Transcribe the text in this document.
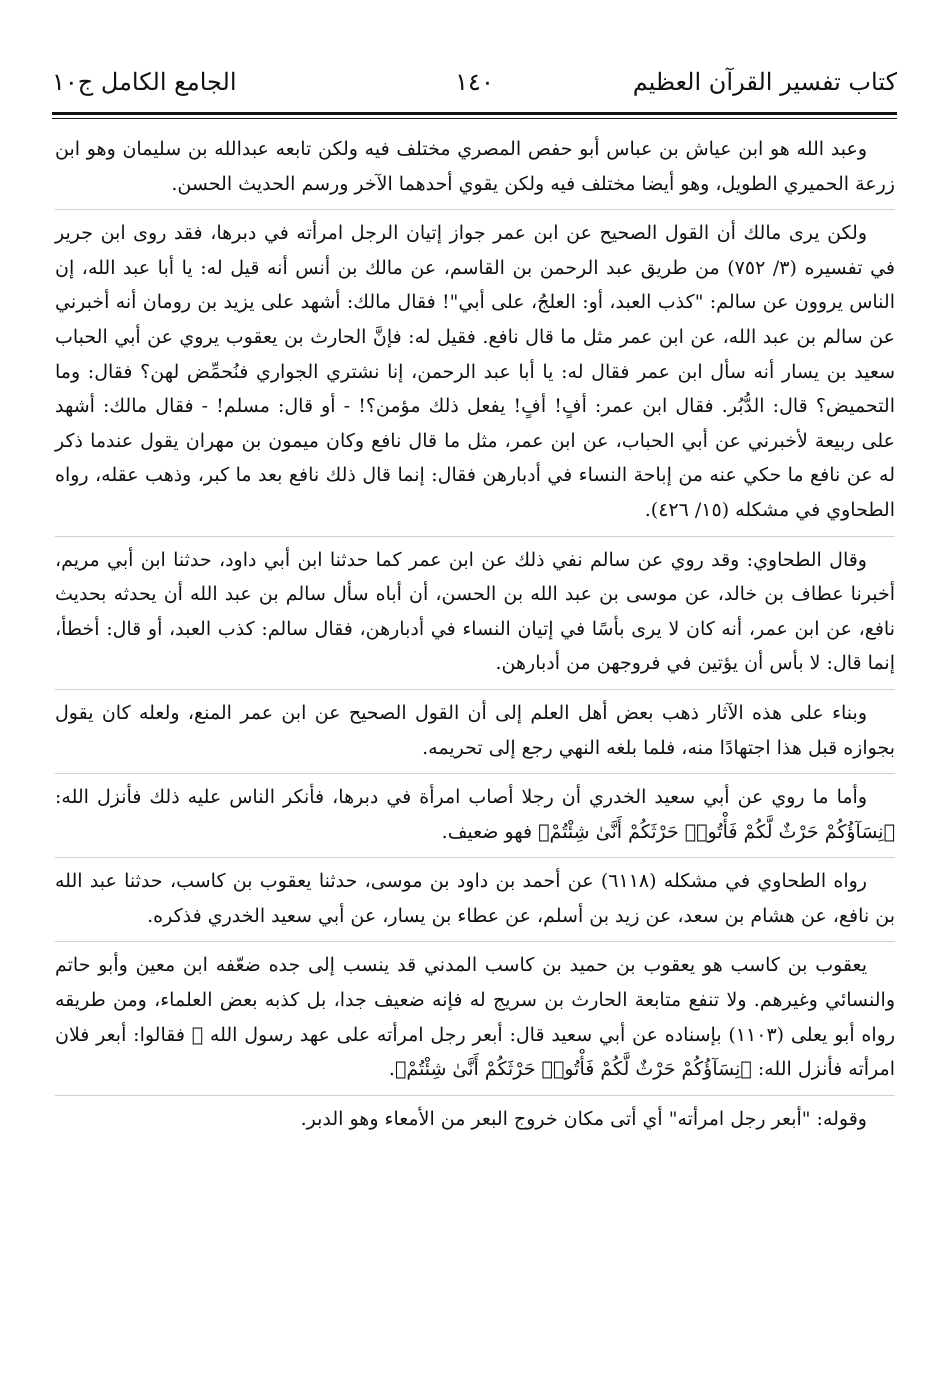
كتاب تفسير القرآن العظيم
١٤٠
الجامع الكامل ج١٠

وعبد الله هو ابن عياش بن عباس أبو حفص المصري مختلف فيه ولكن تابعه عبدالله بن سليمان وهو ابن زرعة الحميري الطويل، وهو أيضا مختلف فيه ولكن يقوي أحدهما الآخر ورسم الحديث الحسن.

ولكن يرى مالك أن القول الصحيح عن ابن عمر جواز إتيان الرجل امرأته في دبرها، فقد روى ابن جرير في تفسيره (٣/ ٧٥٢) من طريق عبد الرحمن بن القاسم، عن مالك بن أنس أنه قيل له: يا أبا عبد الله، إن الناس يروون عن سالم: "كذب العبد، أو: العلجُ، على أبي"! فقال مالك: أشهد على يزيد بن رومان أنه أخبرني عن سالم بن عبد الله، عن ابن عمر مثل ما قال نافع. فقيل له: فإنَّ الحارث بن يعقوب يروي عن أبي الحباب سعيد بن يسار أنه سأل ابن عمر فقال له: يا أبا عبد الرحمن، إنا نشتري الجواري فنُحمِّض لهن؟ فقال: وما التحميض؟ قال: الدُّبُر. فقال ابن عمر: أفٍ! أفٍ! يفعل ذلك مؤمن؟! - أو قال: مسلم! - فقال مالك: أشهد على ربيعة لأخبرني عن أبي الحباب، عن ابن عمر، مثل ما قال نافع وكان ميمون بن مهران يقول عندما ذكر له عن نافع ما حكي عنه من إباحة النساء في أدبارهن فقال: إنما قال ذلك نافع بعد ما كبر، وذهب عقله، رواه الطحاوي في مشكله (١٥/ ٤٢٦).

وقال الطحاوي: وقد روي عن سالم نفي ذلك عن ابن عمر كما حدثنا ابن أبي داود، حدثنا ابن أبي مريم، أخبرنا عطاف بن خالد، عن موسى بن عبد الله بن الحسن، أن أباه سأل سالم بن عبد الله أن يحدثه بحديث نافع، عن ابن عمر، أنه كان لا يرى بأسًا في إتيان النساء في أدبارهن، فقال سالم: كذب العبد، أو قال: أخطأ، إنما قال: لا بأس أن يؤتين في فروجهن من أدبارهن.

وبناء على هذه الآثار ذهب بعض أهل العلم إلى أن القول الصحيح عن ابن عمر المنع، ولعله كان يقول بجوازه قبل هذا اجتهادًا منه، فلما بلغه النهي رجع إلى تحريمه.

وأما ما روي عن أبي سعيد الخدري أن رجلا أصاب امرأة في دبرها، فأنكر الناس عليه ذلك فأنزل الله: ﴿نِسَآؤُكُمْ حَرْثٌ لَّكُمْ فَأْتُوا۟ حَرْثَكُمْ أَنَّىٰ شِئْتُمْ﴾ فهو ضعيف.

رواه الطحاوي في مشكله (٦١١٨) عن أحمد بن داود بن موسى، حدثنا يعقوب بن كاسب، حدثنا عبد الله بن نافع، عن هشام بن سعد، عن زيد بن أسلم، عن عطاء بن يسار، عن أبي سعيد الخدري فذكره.

يعقوب بن كاسب هو يعقوب بن حميد بن كاسب المدني قد ينسب إلى جده ضعّفه ابن معين وأبو حاتم والنسائي وغيرهم. ولا تنفع متابعة الحارث بن سريج له فإنه ضعيف جدا، بل كذبه بعض العلماء، ومن طريقه رواه أبو يعلى (١١٠٣) بإسناده عن أبي سعيد قال: أبعر رجل امرأته على عهد رسول الله ﷺ فقالوا: أبعر فلان امرأته فأنزل الله: ﴿نِسَآؤُكُمْ حَرْثٌ لَّكُمْ فَأْتُوا۟ حَرْثَكُمْ أَنَّىٰ شِئْتُمْ﴾.

وقوله: "أبعر رجل امرأته" أي أتى مكان خروج البعر من الأمعاء وهو الدبر.
